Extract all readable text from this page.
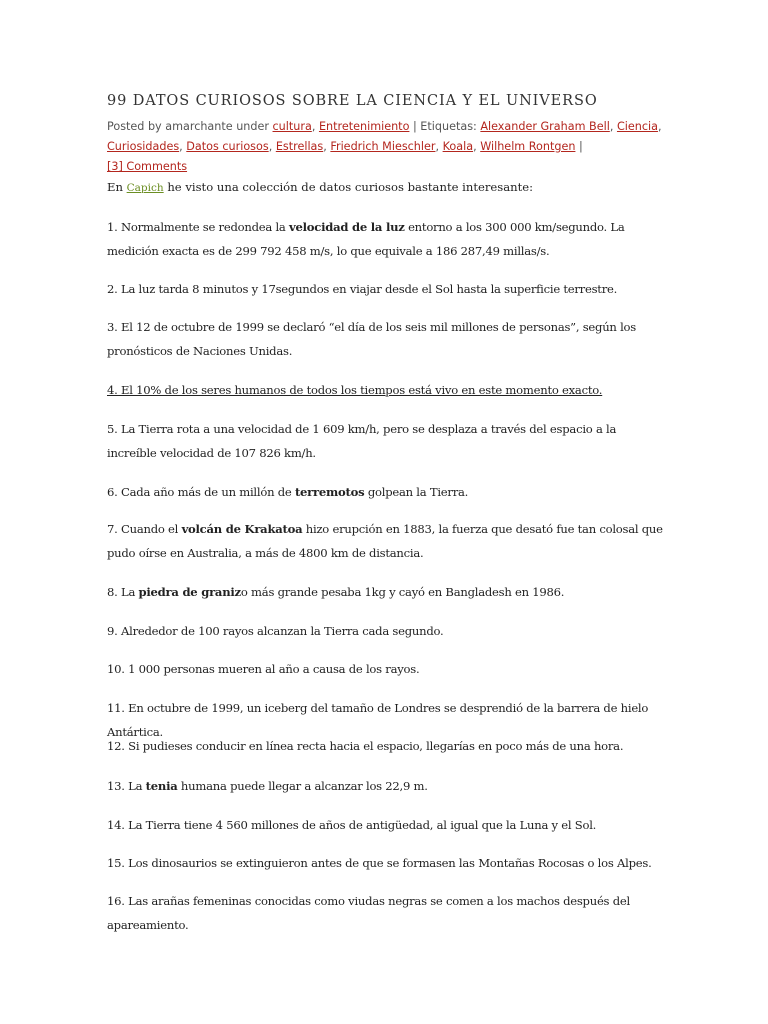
99 DATOS CURIOSOS SOBRE LA CIENCIA Y EL UNIVERSO
Posted by amarchante under cultura, Entretenimiento | Etiquetas: Alexander Graham Bell, Ciencia, Curiosidades, Datos curiosos, Estrellas, Friedrich Mieschler, Koala, Wilhelm Rontgen |
[3] Comments
En Capich he visto una colección de datos curiosos bastante interesante:
1. Normalmente se redondea la velocidad de la luz entorno a los 300 000 km/segundo. La medición exacta es de 299 792 458 m/s, lo que equivale a 186 287,49 millas/s.
2. La luz tarda 8 minutos y 17segundos en viajar desde el Sol hasta la superficie terrestre.
3. El 12 de octubre de 1999 se declaró “el día de los seis mil millones de personas”, según los pronósticos de Naciones Unidas.
4. El 10% de los seres humanos de todos los tiempos está vivo en este momento exacto.
5. La Tierra rota a una velocidad de 1 609 km/h, pero se desplaza a través del espacio a la increíble velocidad de 107 826 km/h.
6. Cada año más de un millón de terremotos golpean la Tierra.
7. Cuando el volcán de Krakatoa hizo erupción en 1883, la fuerza que desató fue tan colosal que pudo oírse en Australia, a más de 4800 km de distancia.
8. La piedra de granizo más grande pesaba 1kg y cayó en Bangladesh en 1986.
9. Alrededor de 100 rayos alcanzan la Tierra cada segundo.
10. 1 000 personas mueren al año a causa de los rayos.
11. En octubre de 1999, un iceberg del tamaño de Londres se desprendió de la barrera de hielo Antártica.
12. Si pudieses conducir en línea recta hacia el espacio, llegarías en poco más de una hora.
13. La tenia humana puede llegar a alcanzar los 22,9 m.
14. La Tierra tiene 4 560 millones de años de antigüedad, al igual que la Luna y el Sol.
15. Los dinosaurios se extinguieron antes de que se formasen las Montañas Rocosas o los Alpes.
16. Las arañas femeninas conocidas como viudas negras se comen a los machos después del apareamiento.
